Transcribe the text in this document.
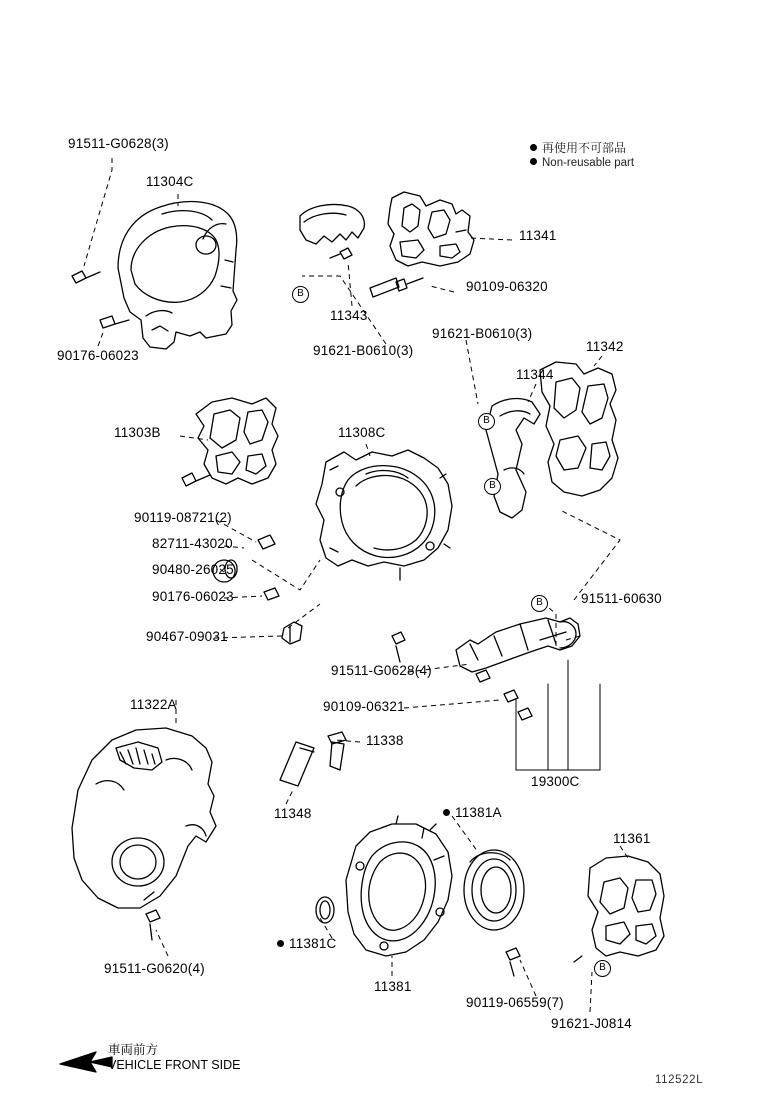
再使用不可部品
Non-reusable part
91511-G0628(3)
11304C
90176-06023
11343
11341
90109-06320
91621-B0610(3)
91621-B0610(3)
11342
11344
11303B	11308C
90119-08721(2)
82711-43020
90480-26025
90176-06023
90467-09031
91511-60630
91511-G0628(4)
90109-06321
19300C
11322A
11338
11348
11361
11381
91511-G0620(4)
90119-06559(7)
91621-J0814
11381A
11381C
B
B
B
B
B
車両前方
VEHICLE FRONT SIDE
112522L
